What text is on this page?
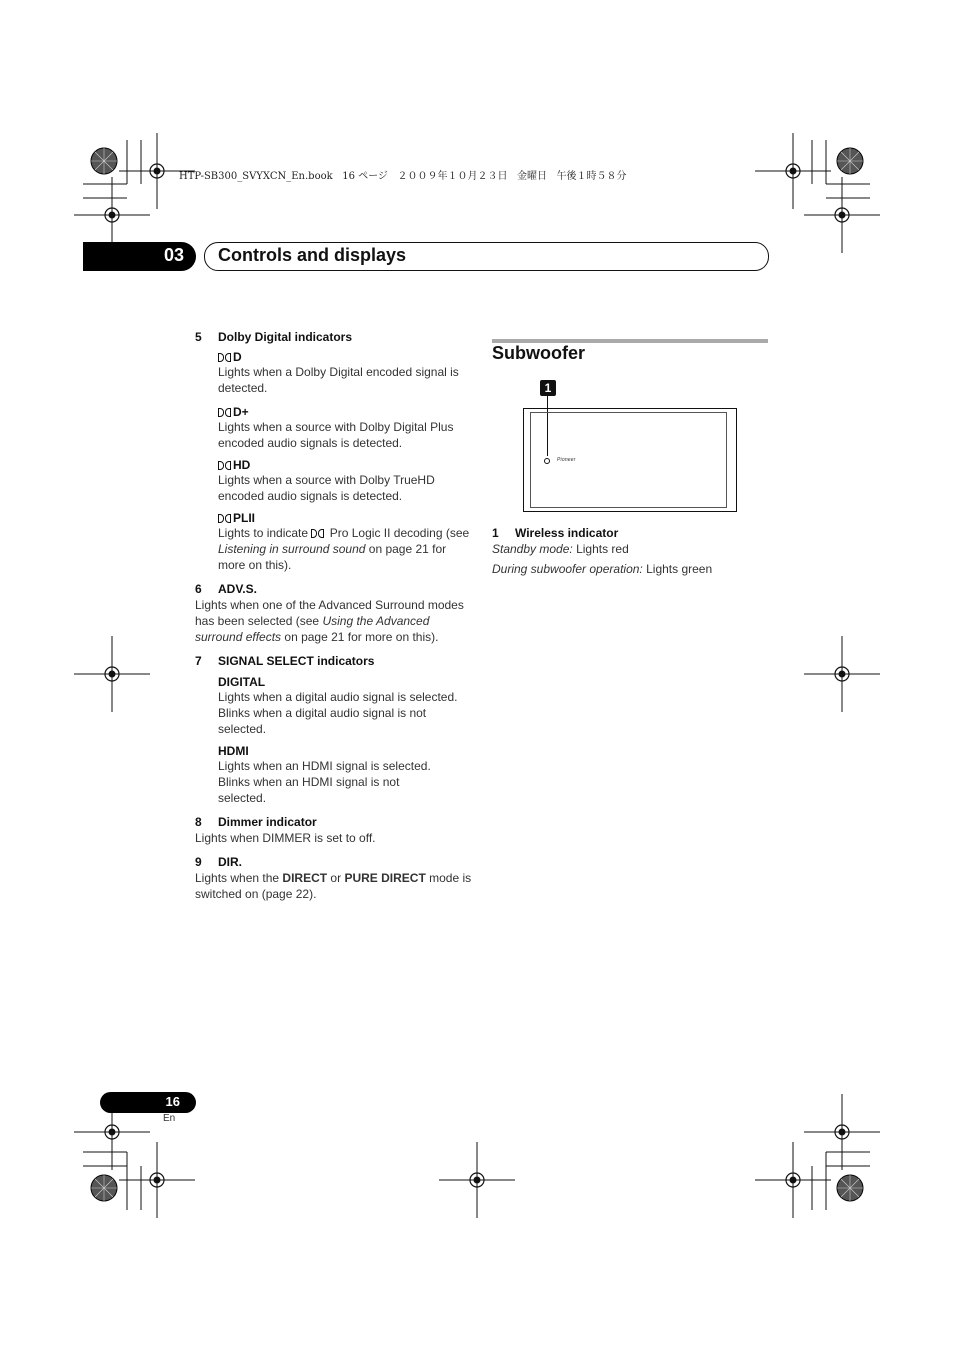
HTP-SB300_SVYXCN_En.book   16 ページ   ２００９年１０月２３日   金曜日   午後１時５８分
03 Controls and displays
5 Dolby Digital indicators
D
Lights when a Dolby Digital encoded signal is detected.
D+
Lights when a source with Dolby Digital Plus encoded audio signals is detected.
HD
Lights when a source with Dolby TrueHD encoded audio signals is detected.
PLII
Lights to indicate Pro Logic II decoding (see Listening in surround sound on page 21 for more on this).
6 ADV.S.
Lights when one of the Advanced Surround modes has been selected (see Using the Advanced surround effects on page 21 for more on this).
7 SIGNAL SELECT indicators
DIGITAL
Lights when a digital audio signal is selected.
Blinks when a digital audio signal is not selected.
HDMI
Lights when an HDMI signal is selected.
Blinks when an HDMI signal is not selected.
8 Dimmer indicator
Lights when DIMMER is set to off.
9 DIR.
Lights when the DIRECT or PURE DIRECT mode is switched on (page 22).
Subwoofer
1
Pioneer
1 Wireless indicator
Standby mode: Lights red
During subwoofer operation: Lights green
16
En
